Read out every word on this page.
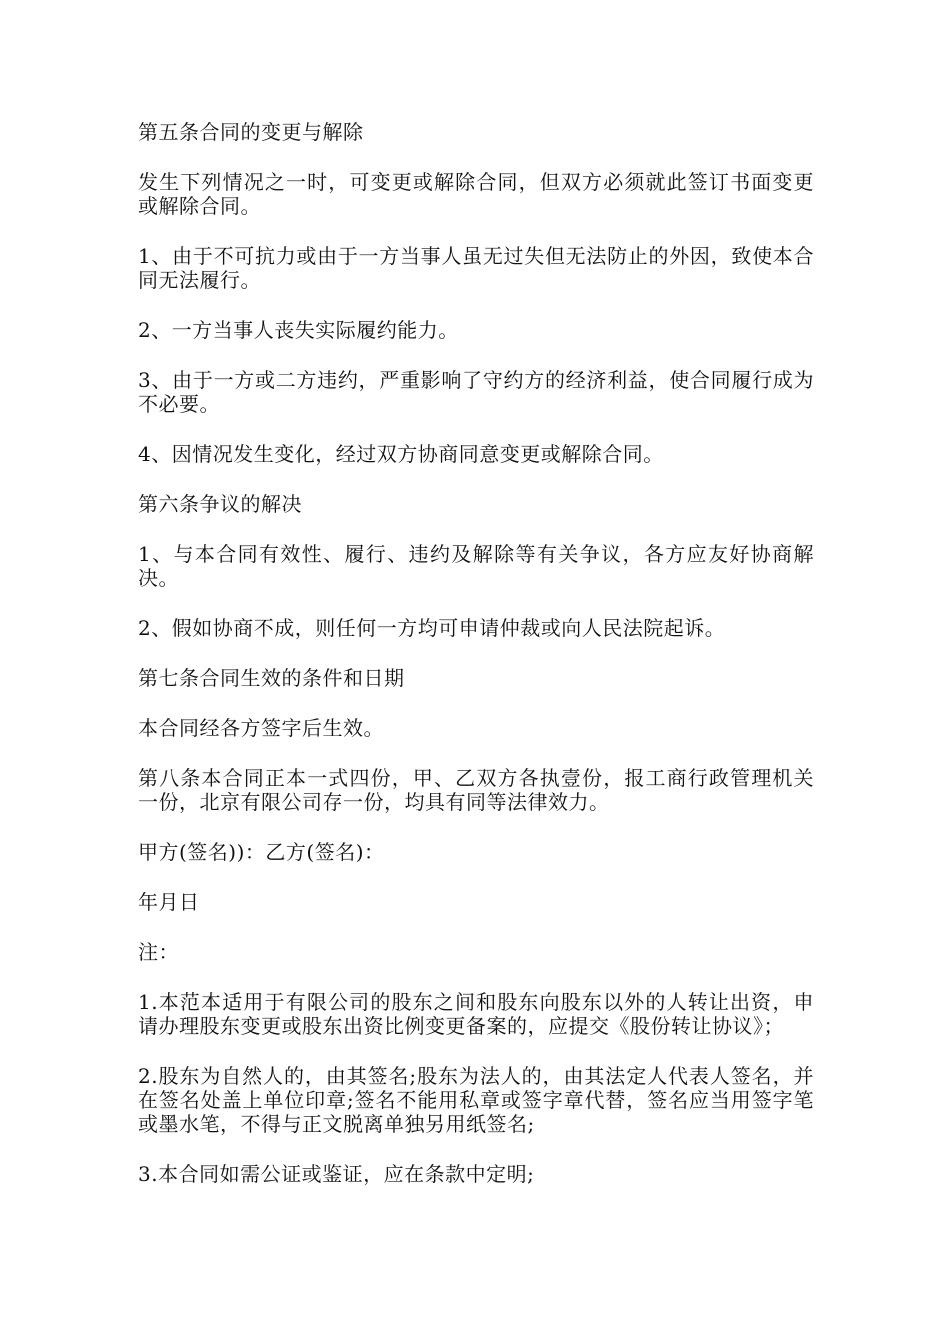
第五条合同的变更与解除

发生下列情况之一时，可变更或解除合同，但双方必须就此签订书面变更或解除合同。

1、由于不可抗力或由于一方当事人虽无过失但无法防止的外因，致使本合同无法履行。

2、一方当事人丧失实际履约能力。

3、由于一方或二方违约，严重影响了守约方的经济利益，使合同履行成为不必要。

4、因情况发生变化，经过双方协商同意变更或解除合同。

第六条争议的解决

1、与本合同有效性、履行、违约及解除等有关争议，各方应友好协商解决。

2、假如协商不成，则任何一方均可申请仲裁或向人民法院起诉。

第七条合同生效的条件和日期

本合同经各方签字后生效。

第八条本合同正本一式四份，甲、乙双方各执壹份，报工商行政管理机关一份，北京有限公司存一份，均具有同等法律效力。

甲方(签名))：乙方(签名)：

年月日

注：

1.本范本适用于有限公司的股东之间和股东向股东以外的人转让出资，申请办理股东变更或股东出资比例变更备案的，应提交《股份转让协议》；

2.股东为自然人的，由其签名;股东为法人的，由其法定人代表人签名，并在签名处盖上单位印章;签名不能用私章或签字章代替，签名应当用签字笔或墨水笔，不得与正文脱离单独另用纸签名;

3.本合同如需公证或鉴证，应在条款中定明;
